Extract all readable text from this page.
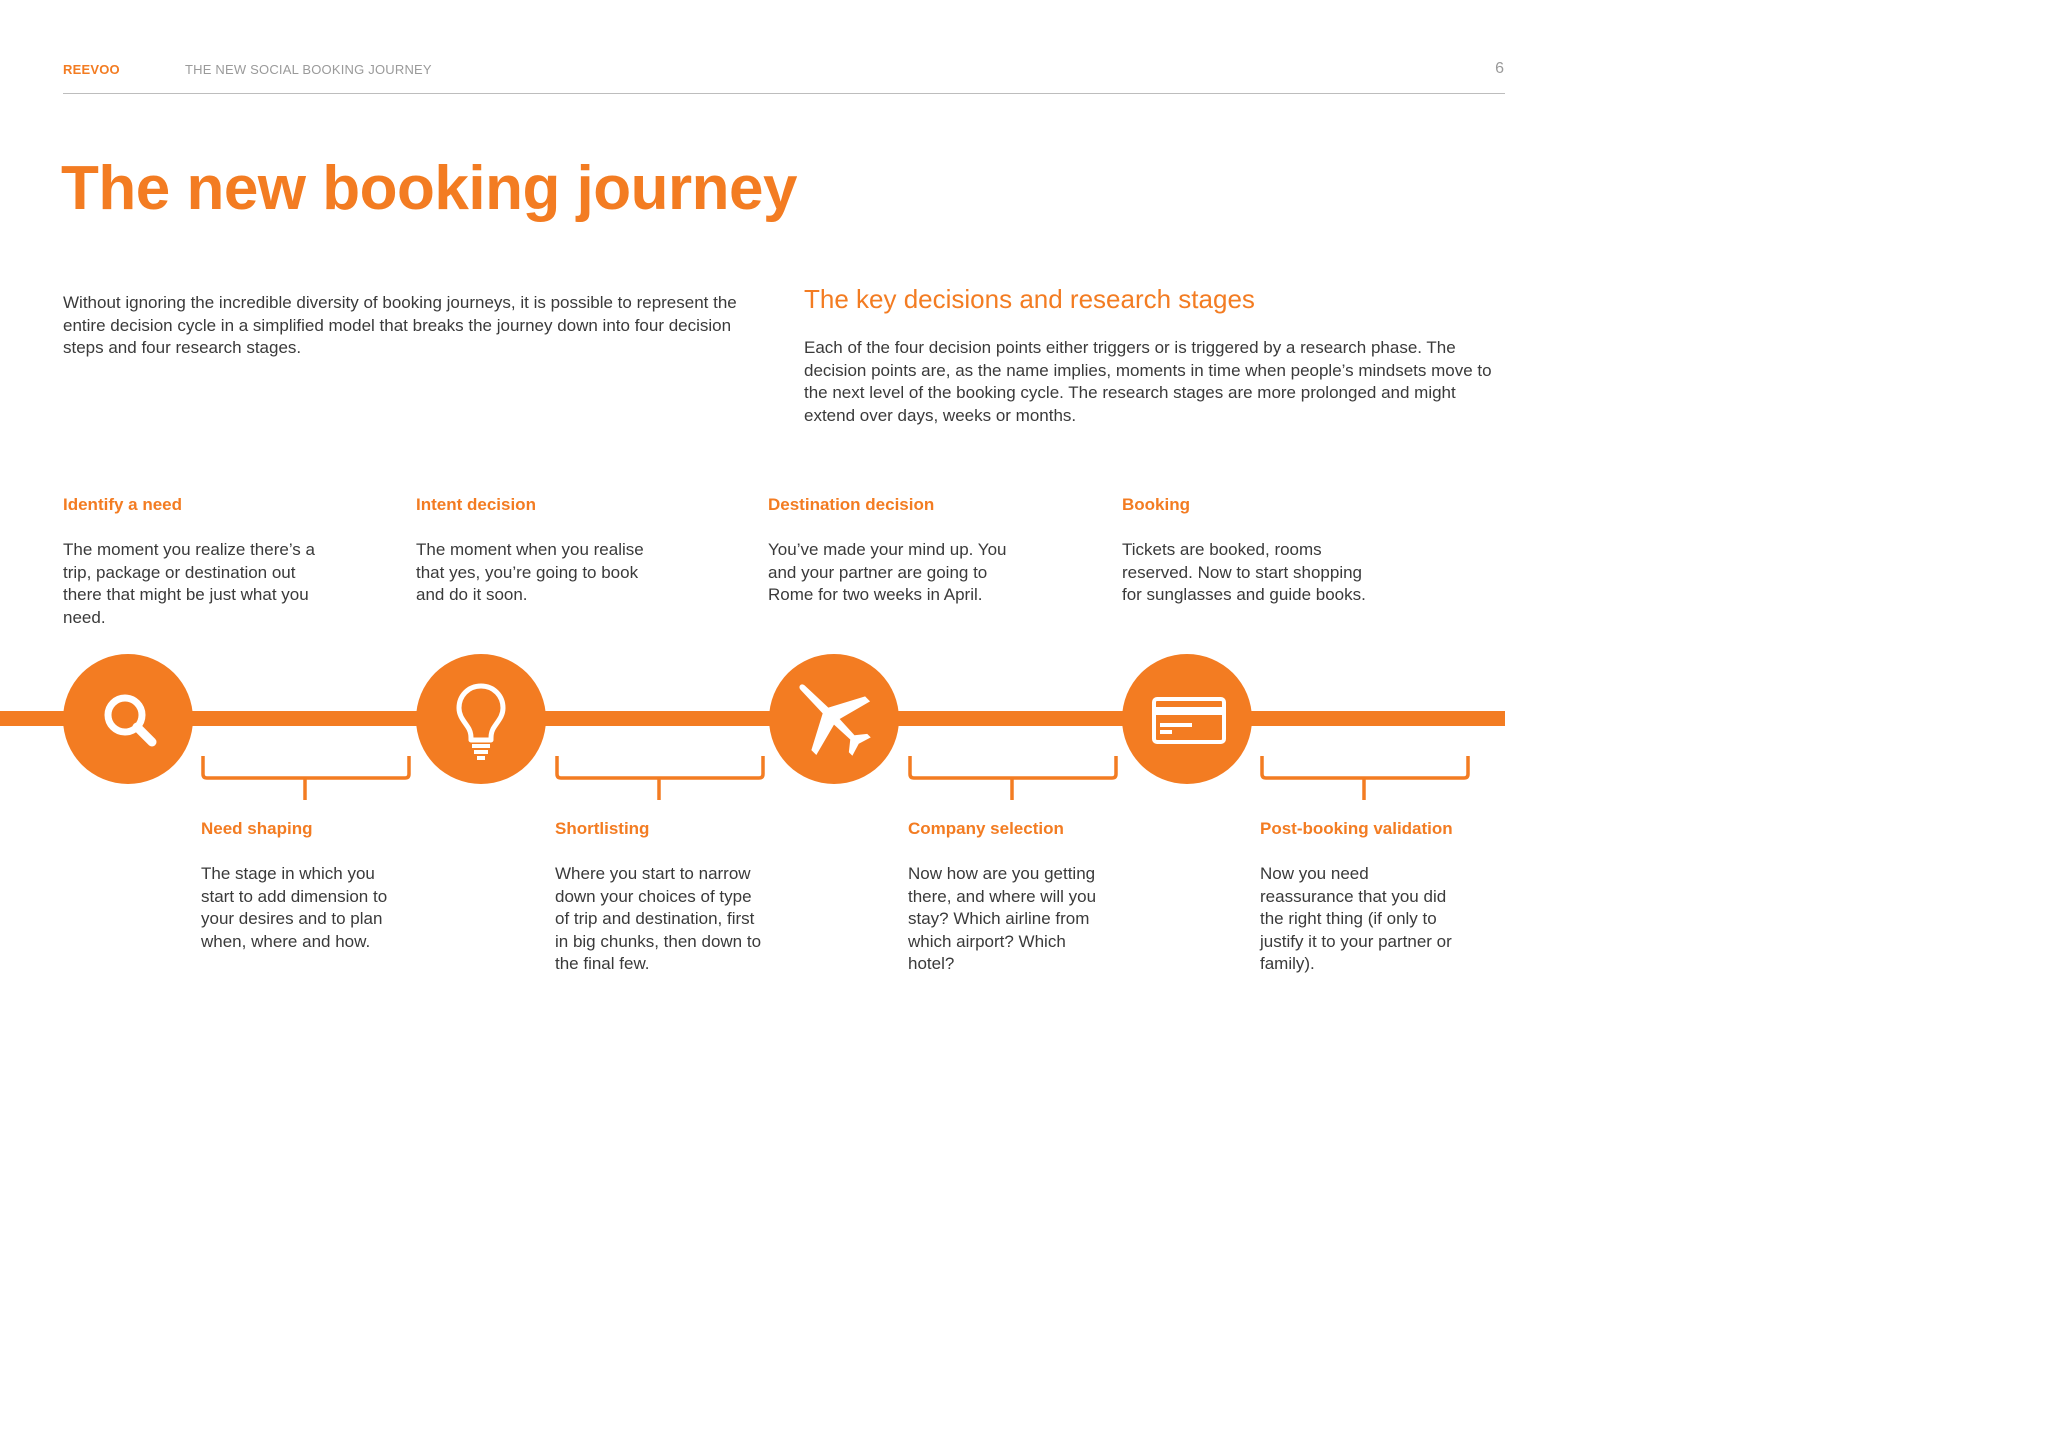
REEVOO	THE NEW SOCIAL BOOKING JOURNEY	6
The new booking journey
Without ignoring the incredible diversity of booking journeys, it is possible to represent the entire decision cycle in a simplified model that breaks the journey down into four decision steps and four research stages.
The key decisions and research stages
Each of the four decision points either triggers or is triggered by a research phase. The decision points are, as the name implies, moments in time when people’s mindsets move to the next level of the booking cycle. The research stages are more prolonged and might extend over days, weeks or months.
Identify a need
The moment you realize there’s a trip, package or destination out there that might be just what you need.
Intent decision
The moment when you realise that yes, you’re going to book and do it soon.
Destination decision
You’ve made your mind up. You and your partner are going to Rome for two weeks in April.
Booking
Tickets are booked, rooms reserved. Now to start shopping for sunglasses and guide books.
Need shaping
The stage in which you start to add dimension to your desires and to plan when, where and how.
Shortlisting
Where you start to narrow down your choices of type of trip and destination, first in big chunks, then down to the final few.
Company selection
Now how are you getting there, and where will you stay? Which airline from which airport? Which hotel?
Post-booking validation
Now you need reassurance that you did the right thing (if only to justify it to your partner or family).
